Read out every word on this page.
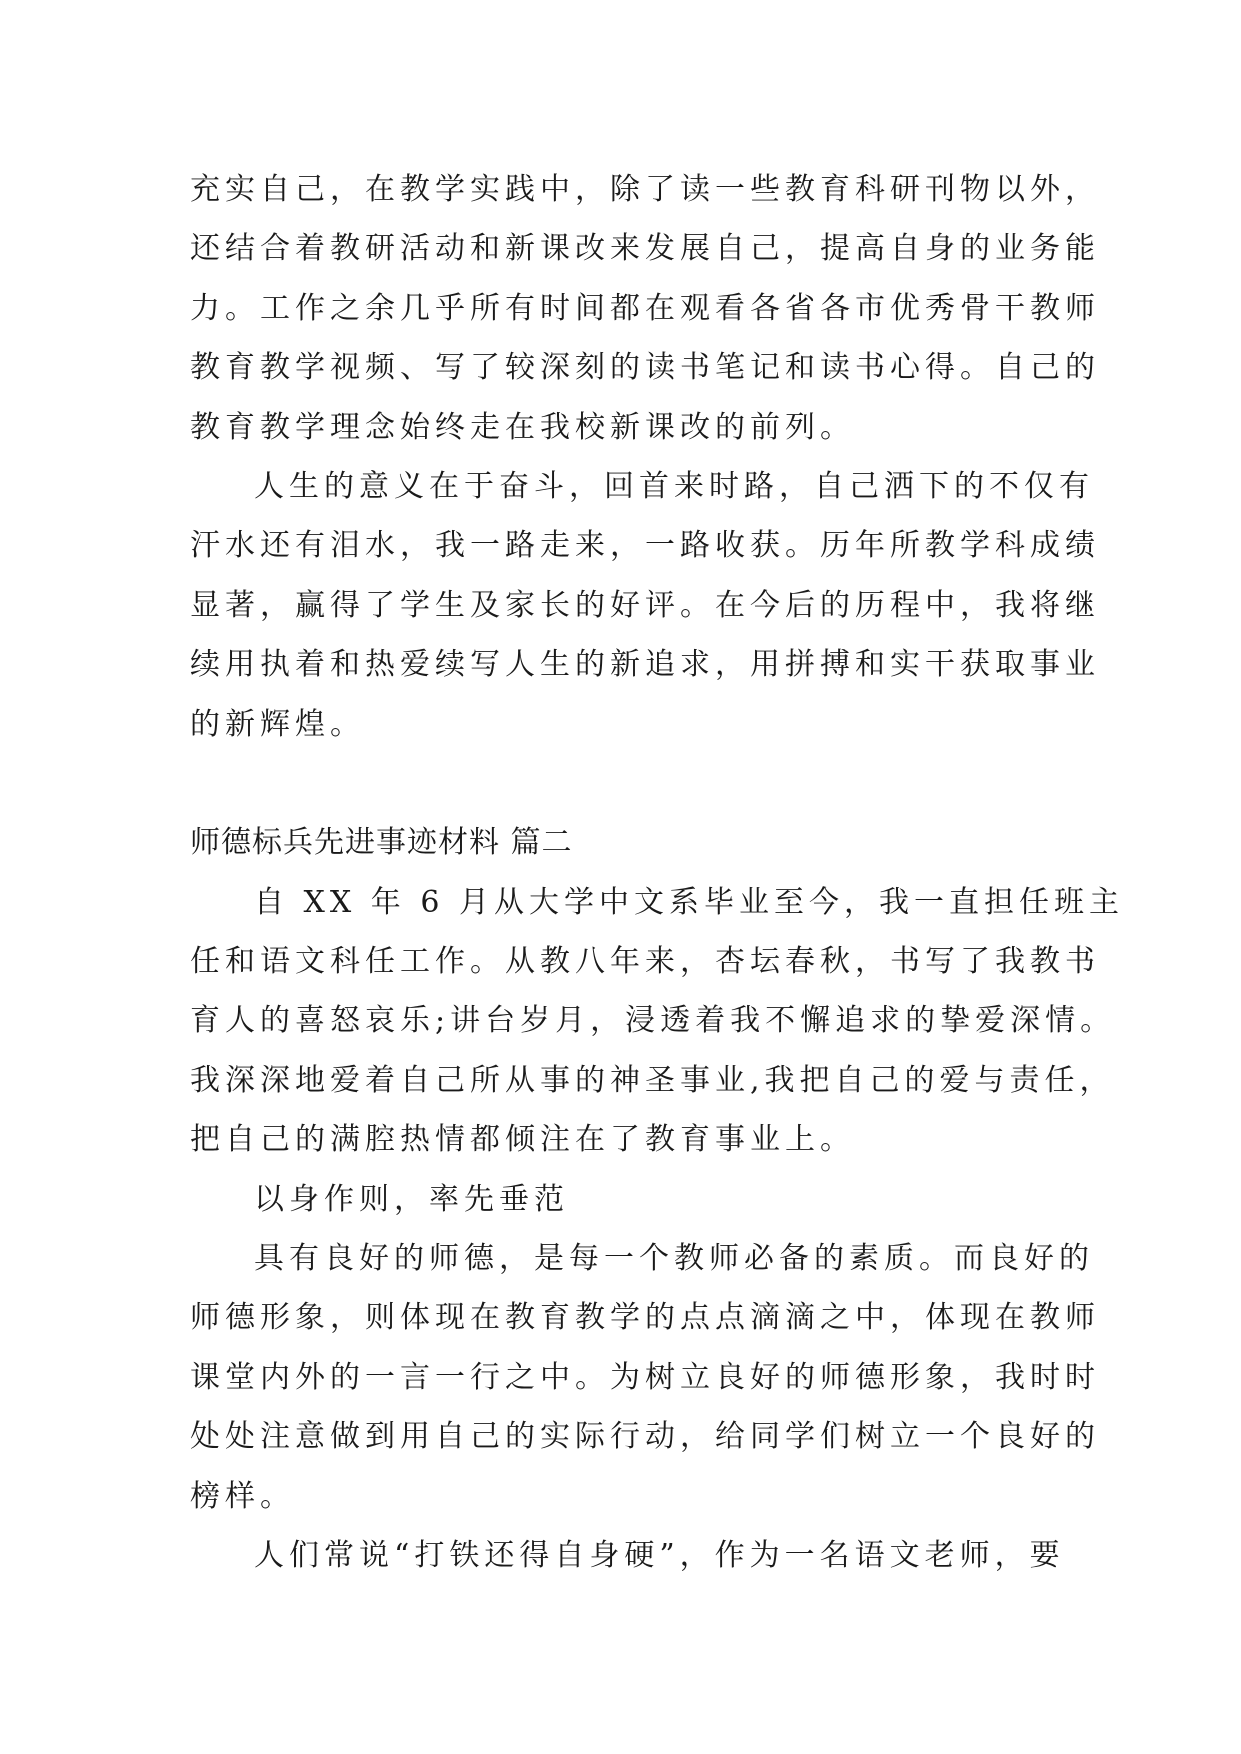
充实自己，在教学实践中，除了读一些教育科研刊物以外，
还结合着教研活动和新课改来发展自己，提高自身的业务能
力。工作之余几乎所有时间都在观看各省各市优秀骨干教师
教育教学视频、写了较深刻的读书笔记和读书心得。自己的
教育教学理念始终走在我校新课改的前列。
人生的意义在于奋斗，回首来时路，自己洒下的不仅有
汗水还有泪水，我一路走来，一路收获。历年所教学科成绩
显著，赢得了学生及家长的好评。在今后的历程中，我将继
续用执着和热爱续写人生的新追求，用拼搏和实干获取事业
的新辉煌。
师德标兵先进事迹材料 篇二
自 XX 年 6 月从大学中文系毕业至今，我一直担任班主
任和语文科任工作。从教八年来，杏坛春秋，书写了我教书
育人的喜怒哀乐;讲台岁月，浸透着我不懈追求的挚爱深情。
我深深地爱着自己所从事的神圣事业,我把自己的爱与责任，
把自己的满腔热情都倾注在了教育事业上。
以身作则，率先垂范
具有良好的师德，是每一个教师必备的素质。而良好的
师德形象，则体现在教育教学的点点滴滴之中，体现在教师
课堂内外的一言一行之中。为树立良好的师德形象，我时时
处处注意做到用自己的实际行动，给同学们树立一个良好的
榜样。
人们常说“打铁还得自身硬”，作为一名语文老师，要
